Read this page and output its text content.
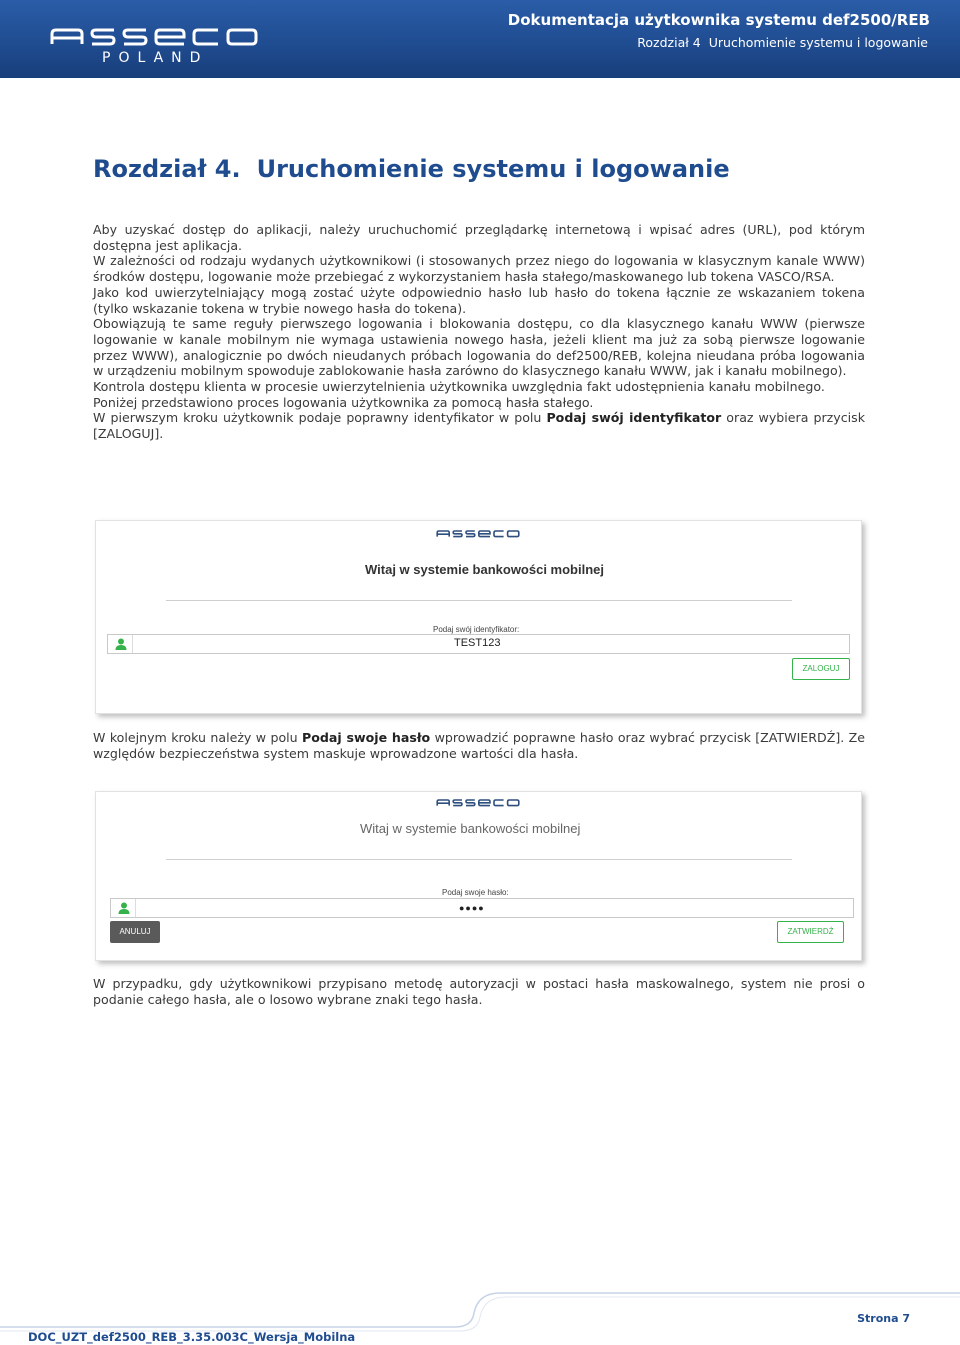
POLAND
Dokumentacja użytkownika systemu def2500/REB
Rozdział 4 Uruchomienie systemu i logowanie
Rozdział 4. Uruchomienie systemu i logowanie

Aby uzyskać dostęp do aplikacji, należy uruchuchomić przeglądarkę internetową i wpisać adres (URL), pod którym dostępna jest aplikacja.

W zależności od rodzaju wydanych użytkownikowi (i stosowanych przez niego do logowania w klasycznym kanale WWW) środków dostępu, logowanie może przebiegać z wykorzystaniem hasła stałego/maskowanego lub tokena VASCO/RSA.

Jako kod uwierzytelniający mogą zostać użyte odpowiednio hasło lub hasło do tokena łącznie ze wskazaniem tokena (tylko wskazanie tokena w trybie nowego hasła do tokena).

Obowiązują te same reguły pierwszego logowania i blokowania dostępu, co dla klasycznego kanału WWW (pierwsze logowanie w kanale mobilnym nie wymaga ustawienia nowego hasła, jeżeli klient ma już za sobą pierwsze logowanie przez WWW), analogicznie po dwóch nieudanych próbach logowania do def2500/REB, kolejna nieudana próba logowania w urządzeniu mobilnym spowoduje zablokowanie hasła zarówno do klasycznego kanału WWW, jak i kanału mobilnego).

Kontrola dostępu klienta w procesie uwierzytelnienia użytkownika uwzględnia fakt udostępnienia kanału mobilnego.

Poniżej przedstawiono proces logowania użytkownika za pomocą hasła stałego.

W pierwszym kroku użytkownik podaje poprawny identyfikator w polu Podaj swój identyfikator oraz wybiera przycisk [ZALOGUJ].

Witaj w systemie bankowości mobilnej
Podaj swój identyfikator:
TEST123
ZALOGUJ

W kolejnym kroku należy w polu Podaj swoje hasło wprowadzić poprawne hasło oraz wybrać przycisk [ZATWIERDŹ]. Ze względów bezpieczeństwa system maskuje wprowadzone wartości dla hasła.

Witaj w systemie bankowości mobilnej
Podaj swoje hasło:
●●●●
ANULUJ	ZATWIERDŹ

W przypadku, gdy użytkownikowi przypisano metodę autoryzacji w postaci hasła maskowalnego, system nie prosi o podanie całego hasła, ale o losowo wybrane znaki tego hasła.

DOC_UZT_def2500_REB_3.35.003C_Wersja_Mobilna
Strona 7
